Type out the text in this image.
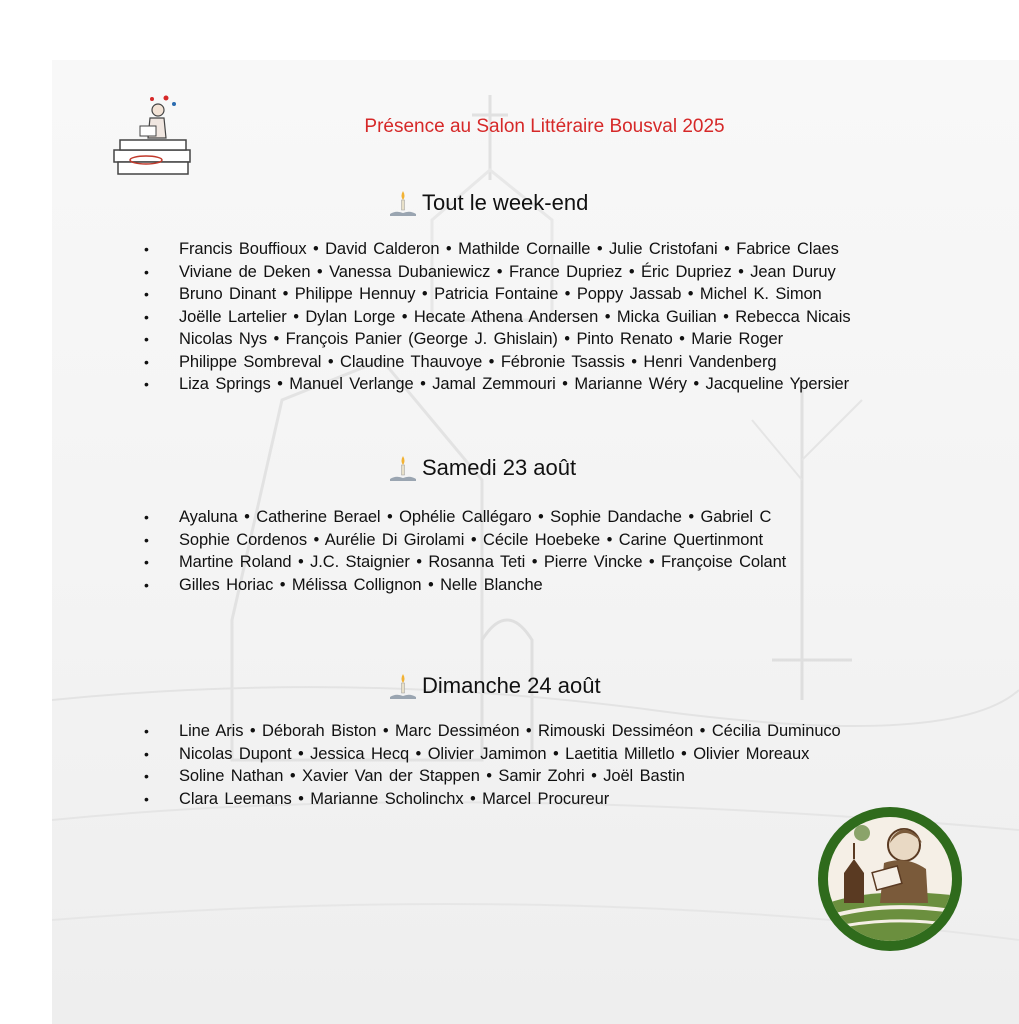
Présence au Salon Littéraire Bousval 2025
Tout le week-end
•	Francis Bouffioux • David Calderon • Mathilde Cornaille • Julie Cristofani • Fabrice Claes
•	Viviane de Deken • Vanessa Dubaniewicz • France Dupriez • Éric Dupriez • Jean Duruy
•	Bruno Dinant • Philippe Hennuy • Patricia Fontaine • Poppy Jassab • Michel K. Simon
•	Joëlle Lartelier • Dylan Lorge • Hecate Athena Andersen • Micka Guilian • Rebecca Nicais
•	Nicolas Nys • François Panier (George J. Ghislain) • Pinto Renato • Marie Roger
•	Philippe Sombreval • Claudine Thauvoye • Fébronie Tsassis • Henri Vandenberg
•	Liza Springs • Manuel Verlange • Jamal Zemmouri • Marianne Wéry • Jacqueline Ypersier
Samedi 23 août
•	Ayaluna • Catherine Berael • Ophélie Callégaro • Sophie Dandache • Gabriel C
•	Sophie Cordenos • Aurélie Di Girolami • Cécile Hoebeke • Carine Quertinmont
•	Martine Roland • J.C. Staignier • Rosanna Teti • Pierre Vincke • Françoise Colant
•	Gilles Horiac • Mélissa Collignon • Nelle Blanche
Dimanche 24 août
•	Line Aris • Déborah Biston • Marc Dessiméon • Rimouski Dessiméon • Cécilia Duminuco
•	Nicolas Dupont • Jessica Hecq • Olivier Jamimon • Laetitia Milletlo • Olivier Moreaux
•	Soline Nathan • Xavier Van der Stappen • Samir Zohri • Joël Bastin
•	Clara Leemans • Marianne Scholinchx • Marcel Procureur
